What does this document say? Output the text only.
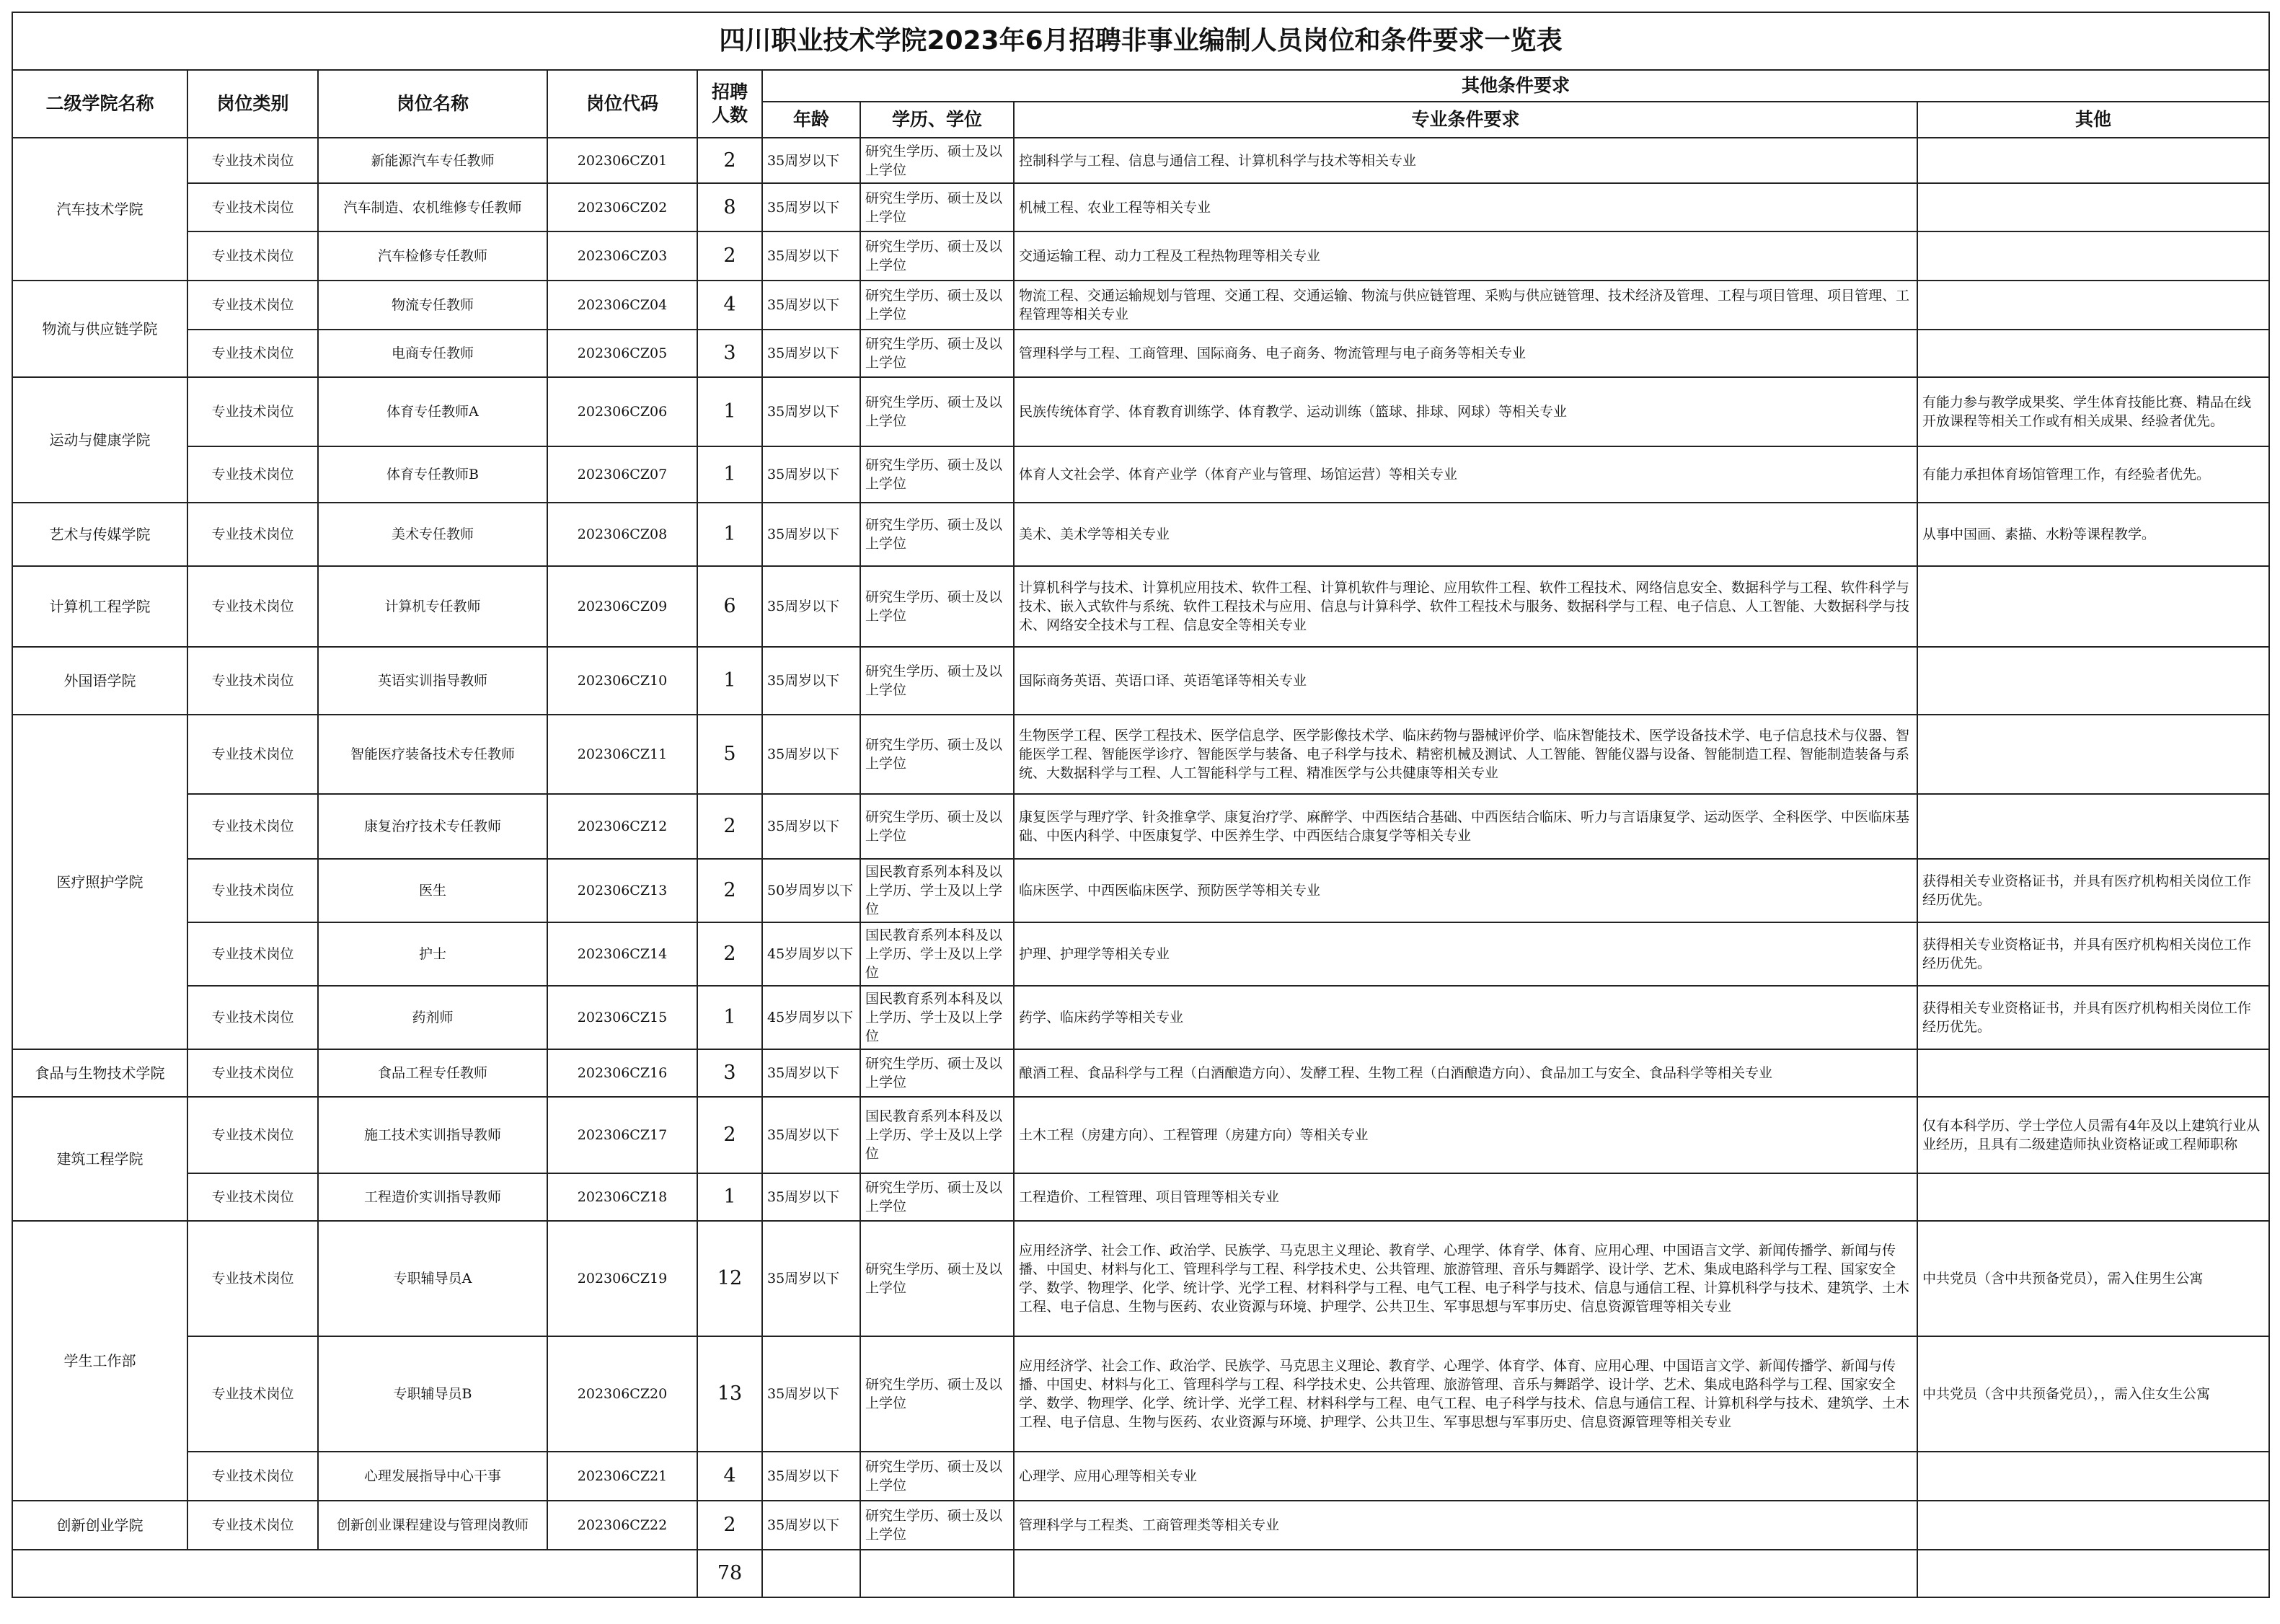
四川职业技术学院2023年6月招聘非事业编制人员岗位和条件要求一览表								
二级学院名称	岗位类别	岗位名称	岗位代码	招聘人数	其他条件要求			
					年龄	学历、学位	专业条件要求	其他
汽车技术学院	专业技术岗位	新能源汽车专任教师	202306CZ01	2	35周岁以下	研究生学历、硕士及以上学位	控制科学与工程、信息与通信工程、计算机科学与技术等相关专业	
	专业技术岗位	汽车制造、农机维修专任教师	202306CZ02	8	35周岁以下	研究生学历、硕士及以上学位	机械工程、农业工程等相关专业	
	专业技术岗位	汽车检修专任教师	202306CZ03	2	35周岁以下	研究生学历、硕士及以上学位	交通运输工程、动力工程及工程热物理等相关专业	
物流与供应链学院	专业技术岗位	物流专任教师	202306CZ04	4	35周岁以下	研究生学历、硕士及以上学位	物流工程、交通运输规划与管理、交通工程、交通运输、物流与供应链管理、采购与供应链管理、技术经济及管理、工程与项目管理、项目管理、工程管理等相关专业	
	专业技术岗位	电商专任教师	202306CZ05	3	35周岁以下	研究生学历、硕士及以上学位	管理科学与工程、工商管理、国际商务、电子商务、物流管理与电子商务等相关专业	
运动与健康学院	专业技术岗位	体育专任教师A	202306CZ06	1	35周岁以下	研究生学历、硕士及以上学位	民族传统体育学、体育教育训练学、体育教学、运动训练（篮球、排球、网球）等相关专业	有能力参与教学成果奖、学生体育技能比赛、精品在线开放课程等相关工作或有相关成果、经验者优先。
	专业技术岗位	体育专任教师B	202306CZ07	1	35周岁以下	研究生学历、硕士及以上学位	体育人文社会学、体育产业学（体育产业与管理、场馆运营）等相关专业	有能力承担体育场馆管理工作，有经验者优先。
艺术与传媒学院	专业技术岗位	美术专任教师	202306CZ08	1	35周岁以下	研究生学历、硕士及以上学位	美术、美术学等相关专业	从事中国画、素描、水粉等课程教学。
计算机工程学院	专业技术岗位	计算机专任教师	202306CZ09	6	35周岁以下	研究生学历、硕士及以上学位	计算机科学与技术、计算机应用技术、软件工程、计算机软件与理论、应用软件工程、软件工程技术、网络信息安全、数据科学与工程、软件科学与技术、嵌入式软件与系统、软件工程技术与应用、信息与计算科学、软件工程技术与服务、数据科学与工程、电子信息、人工智能、大数据科学与技术、网络安全技术与工程、信息安全等相关专业	
外国语学院	专业技术岗位	英语实训指导教师	202306CZ10	1	35周岁以下	研究生学历、硕士及以上学位	国际商务英语、英语口译、英语笔译等相关专业	
医疗照护学院	专业技术岗位	智能医疗装备技术专任教师	202306CZ11	5	35周岁以下	研究生学历、硕士及以上学位	生物医学工程、医学工程技术、医学信息学、医学影像技术学、临床药物与器械评价学、临床智能技术、医学设备技术学、电子信息技术与仪器、智能医学工程、智能医学诊疗、智能医学与装备、电子科学与技术、精密机械及测试、人工智能、智能仪器与设备、智能制造工程、智能制造装备与系统、大数据科学与工程、人工智能科学与工程、精准医学与公共健康等相关专业	
	专业技术岗位	康复治疗技术专任教师	202306CZ12	2	35周岁以下	研究生学历、硕士及以上学位	康复医学与理疗学、针灸推拿学、康复治疗学、麻醉学、中西医结合基础、中西医结合临床、听力与言语康复学、运动医学、全科医学、中医临床基础、中医内科学、中医康复学、中医养生学、中西医结合康复学等相关专业	
	专业技术岗位	医生	202306CZ13	2	50岁周岁以下	国民教育系列本科及以上学历、学士及以上学位	临床医学、中西医临床医学、预防医学等相关专业	获得相关专业资格证书，并具有医疗机构相关岗位工作经历优先。
	专业技术岗位	护士	202306CZ14	2	45岁周岁以下	国民教育系列本科及以上学历、学士及以上学位	护理、护理学等相关专业	获得相关专业资格证书，并具有医疗机构相关岗位工作经历优先。
	专业技术岗位	药剂师	202306CZ15	1	45岁周岁以下	国民教育系列本科及以上学历、学士及以上学位	药学、临床药学等相关专业	获得相关专业资格证书，并具有医疗机构相关岗位工作经历优先。
食品与生物技术学院	专业技术岗位	食品工程专任教师	202306CZ16	3	35周岁以下	研究生学历、硕士及以上学位	酿酒工程、食品科学与工程（白酒酿造方向）、发酵工程、生物工程（白酒酿造方向）、食品加工与安全、食品科学等相关专业	
建筑工程学院	专业技术岗位	施工技术实训指导教师	202306CZ17	2	35周岁以下	国民教育系列本科及以上学历、学士及以上学位	土木工程（房建方向）、工程管理（房建方向）等相关专业	仅有本科学历、学士学位人员需有4年及以上建筑行业从业经历，且具有二级建造师执业资格证或工程师职称
	专业技术岗位	工程造价实训指导教师	202306CZ18	1	35周岁以下	研究生学历、硕士及以上学位	工程造价、工程管理、项目管理等相关专业	
学生工作部	专业技术岗位	专职辅导员A	202306CZ19	12	35周岁以下	研究生学历、硕士及以上学位	应用经济学、社会工作、政治学、民族学、马克思主义理论、教育学、心理学、体育学、体育、应用心理、中国语言文学、新闻传播学、新闻与传播、中国史、材料与化工、管理科学与工程、科学技术史、公共管理、旅游管理、音乐与舞蹈学、设计学、艺术、集成电路科学与工程、国家安全学、数学、物理学、化学、统计学、光学工程、材料科学与工程、电气工程、电子科学与技术、信息与通信工程、计算机科学与技术、建筑学、土木工程、电子信息、生物与医药、农业资源与环境、护理学、公共卫生、军事思想与军事历史、信息资源管理等相关专业	中共党员（含中共预备党员），需入住男生公寓
	专业技术岗位	专职辅导员B	202306CZ20	13	35周岁以下	研究生学历、硕士及以上学位	应用经济学、社会工作、政治学、民族学、马克思主义理论、教育学、心理学、体育学、体育、应用心理、中国语言文学、新闻传播学、新闻与传播、中国史、材料与化工、管理科学与工程、科学技术史、公共管理、旅游管理、音乐与舞蹈学、设计学、艺术、集成电路科学与工程、国家安全学、数学、物理学、化学、统计学、光学工程、材料科学与工程、电气工程、电子科学与技术、信息与通信工程、计算机科学与技术、建筑学、土木工程、电子信息、生物与医药、农业资源与环境、护理学、公共卫生、军事思想与军事历史、信息资源管理等相关专业	中共党员（含中共预备党员），，需入住女生公寓
	专业技术岗位	心理发展指导中心干事	202306CZ21	4	35周岁以下	研究生学历、硕士及以上学位	心理学、应用心理等相关专业	
创新创业学院	专业技术岗位	创新创业课程建设与管理岗教师	202306CZ22	2	35周岁以下	研究生学历、硕士及以上学位	管理科学与工程类、工商管理类等相关专业	
				78				
